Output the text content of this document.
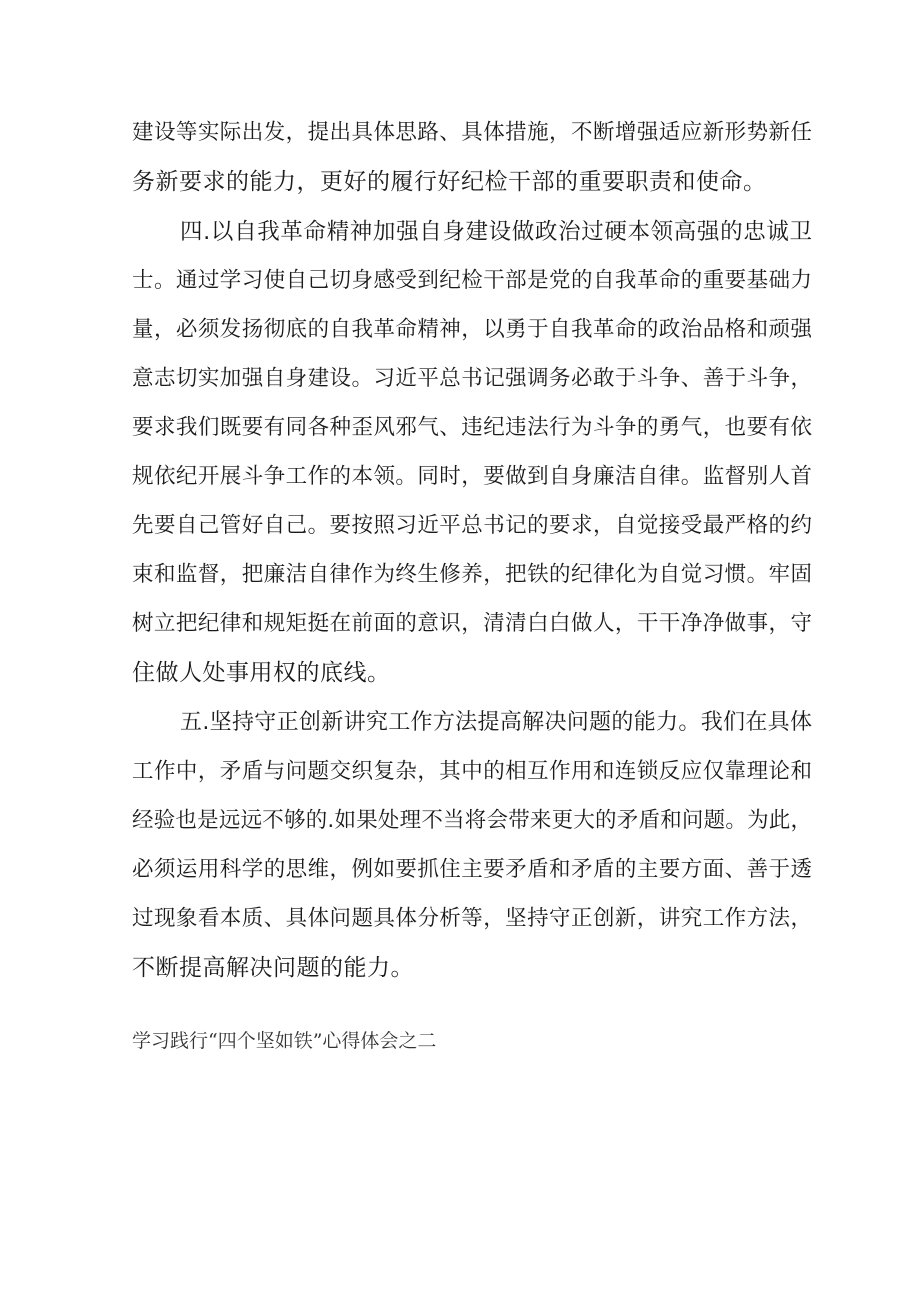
建设等实际出发，提出具体思路、具体措施，不断增强适应新形势新任
务新要求的能力，更好的履行好纪检干部的重要职责和使命。
四.以自我革命精神加强自身建设做政治过硬本领高强的忠诚卫
士。通过学习使自己切身感受到纪检干部是党的自我革命的重要基础力
量，必须发扬彻底的自我革命精神，以勇于自我革命的政治品格和顽强
意志切实加强自身建设。习近平总书记强调务必敢于斗争、善于斗争，
要求我们既要有同各种歪风邪气、违纪违法行为斗争的勇气，也要有依
规依纪开展斗争工作的本领。同时，要做到自身廉洁自律。监督别人首
先要自己管好自己。要按照习近平总书记的要求，自觉接受最严格的约
束和监督，把廉洁自律作为终生修养，把铁的纪律化为自觉习惯。牢固
树立把纪律和规矩挺在前面的意识，清清白白做人，干干净净做事，守
住做人处事用权的底线。
五.坚持守正创新讲究工作方法提高解决问题的能力。我们在具体
工作中，矛盾与问题交织复杂，其中的相互作用和连锁反应仅靠理论和
经验也是远远不够的.如果处理不当将会带来更大的矛盾和问题。为此，
必须运用科学的思维，例如要抓住主要矛盾和矛盾的主要方面、善于透
过现象看本质、具体问题具体分析等，坚持守正创新，讲究工作方法，
不断提高解决问题的能力。
学习践行“四个坚如铁”心得体会之二
